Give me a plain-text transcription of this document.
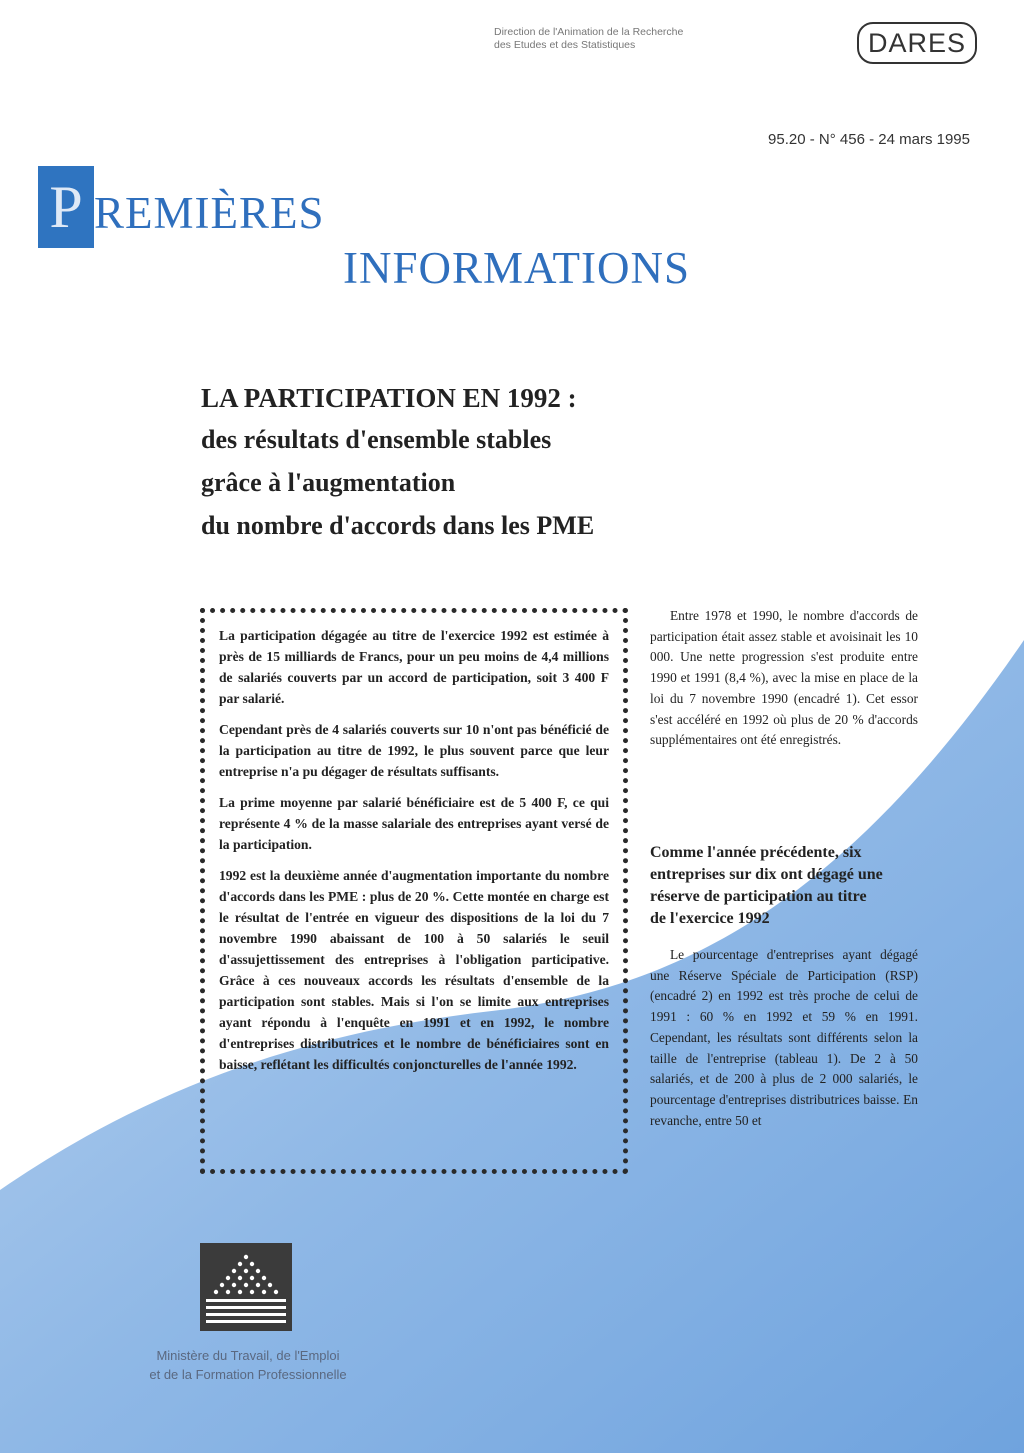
Direction de l'Animation de la Recherche
des Etudes et des Statistiques	DARES
95.20 - N° 456 - 24 mars 1995
P REMIÈRES
INFORMATIONS
LA PARTICIPATION EN 1992 :
des résultats d'ensemble stables
grâce à l'augmentation
du nombre d'accords dans les PME

La participation dégagée au titre de l'exercice 1992 est estimée à près de 15 milliards de Francs, pour un peu moins de 4,4 millions de salariés couverts par un accord de participation, soit 3 400 F par salarié.

Cependant près de 4 salariés couverts sur 10 n'ont pas bénéficié de la participation au titre de 1992, le plus souvent parce que leur entreprise n'a pu dégager de résultats suffisants.

La prime moyenne par salarié bénéficiaire est de 5 400 F, ce qui représente 4 % de la masse salariale des entreprises ayant versé de la participation.

1992 est la deuxième année d'augmentation importante du nombre d'accords dans les PME : plus de 20 %. Cette montée en charge est le résultat de l'entrée en vigueur des dispositions de la loi du 7 novembre 1990 abaissant de 100 à 50 salariés le seuil d'assujettissement des entreprises à l'obligation participative. Grâce à ces nouveaux accords les résultats d'ensemble de la participation sont stables. Mais si l'on se limite aux entreprises ayant répondu à l'enquête en 1991 et en 1992, le nombre d'entreprises distributrices et le nombre de bénéficiaires sont en baisse, reflétant les difficultés conjoncturelles de l'année 1992.

Entre 1978 et 1990, le nombre d'accords de participation était assez stable et avoisinait les 10 000. Une nette progression s'est produite entre 1990 et 1991 (8,4 %), avec la mise en place de la loi du 7 novembre 1990 (encadré 1). Cet essor s'est accéléré en 1992 où plus de 20 % d'accords supplémentaires ont été enregistrés.

Comme l'année précédente, six
entreprises sur dix ont dégagé une
réserve de participation au titre
de l'exercice 1992

Le pourcentage d'entreprises ayant dégagé une Réserve Spéciale de Participation (RSP) (encadré 2) en 1992 est très proche de celui de 1991 : 60 % en 1992 et 59 % en 1991. Cependant, les résultats sont différents selon la taille de l'entreprise (tableau 1). De 2 à 50 salariés, et de 200 à plus de 2 000 salariés, le pourcentage d'entreprises distributrices baisse. En revanche, entre 50 et

Ministère du Travail, de l'Emploi
et de la Formation Professionnelle
